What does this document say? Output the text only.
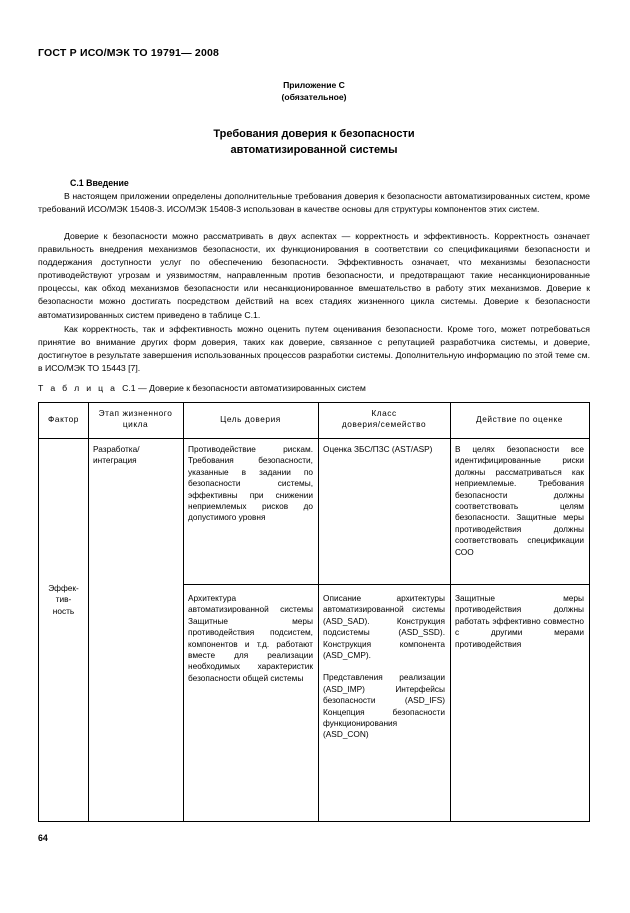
ГОСТ Р ИСО/МЭК ТО 19791— 2008
Приложение С
(обязательное)
Требования доверия к безопасности
автоматизированной системы
С.1 Введение
В настоящем приложении определены дополнительные требования доверия к безопасности автоматизированных систем, кроме требований ИСО/МЭК 15408-3. ИСО/МЭК 15408-3 использован в качестве основы для структуры компонентов этих систем.
Доверие к безопасности можно рассматривать в двух аспектах — корректность и эффективность. Корректность означает правильность внедрения механизмов безопасности, их функционирования в соответствии со спецификациями безопасности и поддержания доступности услуг по обеспечению безопасности. Эффективность означает, что механизмы безопасности противодействуют угрозам и уязвимостям, направленным против безопасности, и предотвращают такие несанкционированные процессы, как обход механизмов безопасности или несанкционированное вмешательство в работу этих механизмов. Доверие к безопасности можно достигать посредством действий на всех стадиях жизненного цикла системы. Доверие к безопасности автоматизированных систем приведено в таблице С.1.
Как корректность, так и эффективность можно оценить путем оценивания безопасности. Кроме того, может потребоваться принятие во внимание других форм доверия, таких как доверие, связанное с репутацией разработчика системы, и доверие, достигнутое в результате завершения использованных процессов разработки системы. Дополнительную информацию по этой теме см. в ИСО/МЭК ТО 15443 [7].
Т а б л и ц а С.1 — Доверие к безопасности автоматизированных систем
Фактор
Этап жизненного
цикла
Цель доверия
Класс
доверия/семейство
Действие по оценке
Эффек-
тив-
ность
Разработка/
интеграция
Противодействие рискам. Требования безопасности, указанные в задании по безопасности системы, эффективны при снижении неприемлемых рисков до допустимого уровня
Оценка ЗБС/ПЗС (AST/ASP)	В целях безопасности все идентифицированные риски должны рассматриваться как неприемлемые. Требования безопасности должны соответствовать целям безопасности. Защитные меры противодействия должны соответствовать спецификации СОО
Архитектура автоматизированной системы Защитные меры противодействия подсистем, компонентов и т.д. работают вместе для реализации необходимых характеристик безопасности общей системы

Описание архитектуры автоматизированной системы (ASD_SAD). Конструкция подсистемы (ASD_SSD). Конструкция компонента (ASD_CMP).

Представления реализации (ASD_IMP) Интерфейсы безопасности (ASD_IFS) Концепция безопасности функционирования (ASD_CON)

Защитные меры противодействия должны работать эффективно совместно с другими мерами противодействия
64
